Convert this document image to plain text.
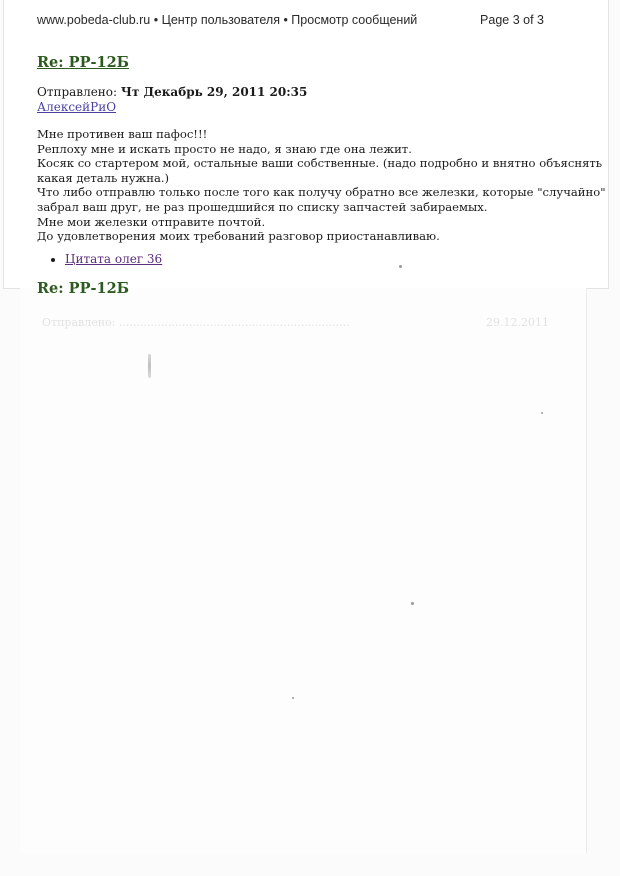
www.pobeda-club.ru • Центр пользователя • Просмотр сообщений	Page 3 of 3
Re: РР-12Б
Отправлено: Чт Декабрь 29, 2011 20:35
АлексейРиО

Мне противен ваш пафос!!!

Реплоху мне и искать просто не надо, я знаю где она лежит.

Косяк со стартером мой, остальные ваши собственные. (надо подробно и внятно объяснять

какая деталь нужна.)

Что либо отправлю только после того как получу обратно все железки, которые "случайно"

забрал ваш друг, не раз прошедшийся по списку запчастей забираемых.

Мне мои железки отправите почтой.

До удовлетворения моих требований разговор приостанавливаю.

• Цитата олег 36
Отправлено: ..................................................................	29.12.2011
